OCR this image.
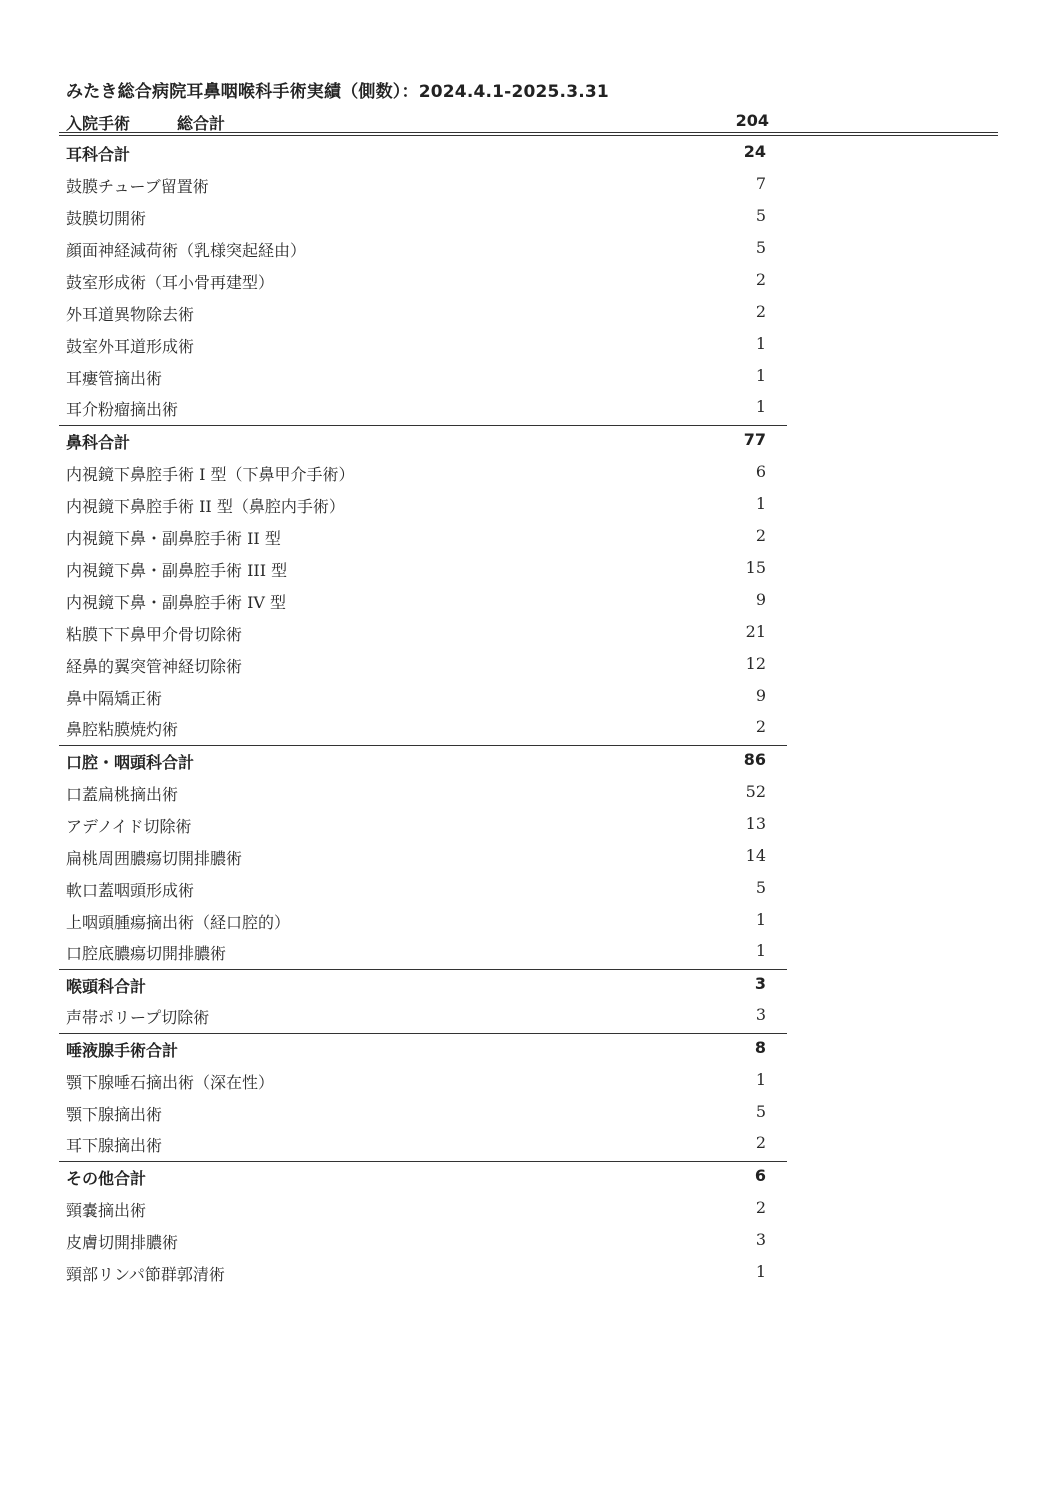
みたき総合病院耳鼻咽喉科手術実績（側数）：2024.4.1-2025.3.31
入院手術	総合計	204
耳科合計	24
鼓膜チューブ留置術	7
鼓膜切開術	5
顔面神経減荷術（乳様突起経由）	5
鼓室形成術（耳小骨再建型）	2
外耳道異物除去術	2
鼓室外耳道形成術	1
耳瘻管摘出術	1
耳介粉瘤摘出術	1
鼻科合計	77
内視鏡下鼻腔手術 I 型（下鼻甲介手術）	6
内視鏡下鼻腔手術 II 型（鼻腔内手術）	1
内視鏡下鼻・副鼻腔手術 II 型	2
内視鏡下鼻・副鼻腔手術 III 型	15
内視鏡下鼻・副鼻腔手術 IV 型	9
粘膜下下鼻甲介骨切除術	21
経鼻的翼突管神経切除術	12
鼻中隔矯正術	9
鼻腔粘膜焼灼術	2
口腔・咽頭科合計	86
口蓋扁桃摘出術	52
アデノイド切除術	13
扁桃周囲膿瘍切開排膿術	14
軟口蓋咽頭形成術	5
上咽頭腫瘍摘出術（経口腔的）	1
口腔底膿瘍切開排膿術	1
喉頭科合計	3
声帯ポリープ切除術	3
唾液腺手術合計	8
顎下腺唾石摘出術（深在性）	1
顎下腺摘出術	5
耳下腺摘出術	2
その他合計	6
頸嚢摘出術	2
皮膚切開排膿術	3
頸部リンパ節群郭清術	1
